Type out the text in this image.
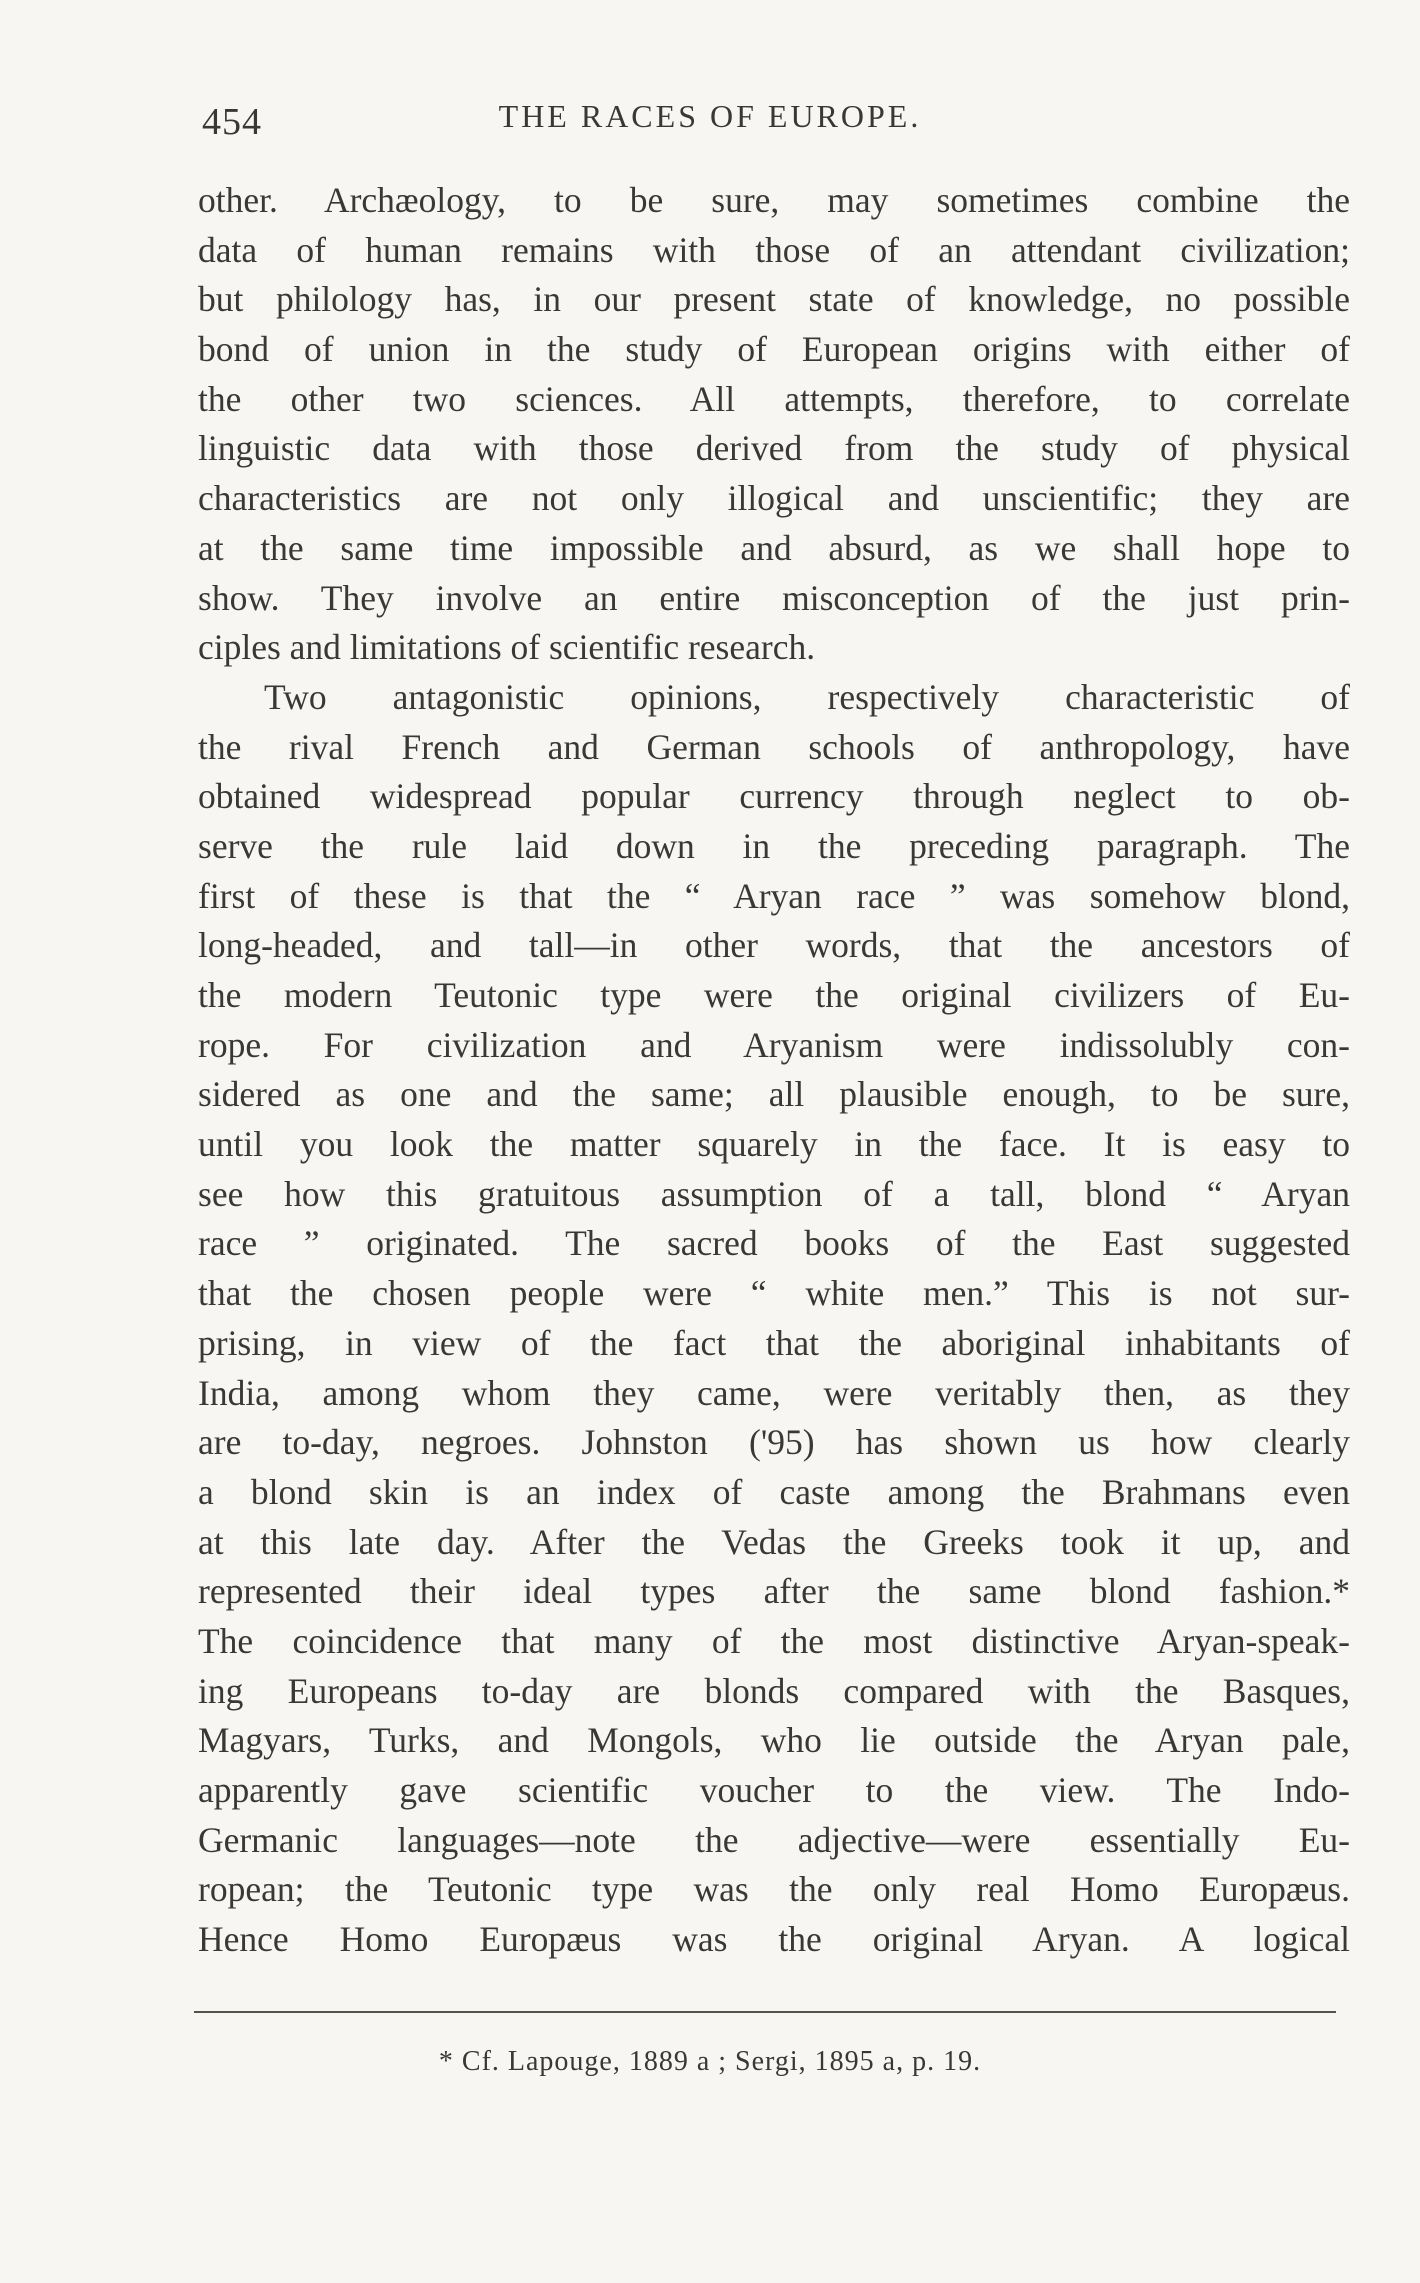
454	THE RACES OF EUROPE.
other. Archæology, to be sure, may sometimes combine the
data of human remains with those of an attendant civilization;
but philology has, in our present state of knowledge, no possible
bond of union in the study of European origins with either of
the other two sciences. All attempts, therefore, to correlate
linguistic data with those derived from the study of physical
characteristics are not only illogical and unscientific; they are
at the same time impossible and absurd, as we shall hope to
show. They involve an entire misconception of the just prin-
ciples and limitations of scientific research.
Two antagonistic opinions, respectively characteristic of
the rival French and German schools of anthropology, have
obtained widespread popular currency through neglect to ob-
serve the rule laid down in the preceding paragraph. The
first of these is that the “ Aryan race ” was somehow blond,
long-headed, and tall—in other words, that the ancestors of
the modern Teutonic type were the original civilizers of Eu-
rope. For civilization and Aryanism were indissolubly con-
sidered as one and the same; all plausible enough, to be sure,
until you look the matter squarely in the face. It is easy to
see how this gratuitous assumption of a tall, blond “ Aryan
race ” originated. The sacred books of the East suggested
that the chosen people were “ white men.” This is not sur-
prising, in view of the fact that the aboriginal inhabitants of
India, among whom they came, were veritably then, as they
are to-day, negroes. Johnston ('95) has shown us how clearly
a blond skin is an index of caste among the Brahmans even
at this late day. After the Vedas the Greeks took it up, and
represented their ideal types after the same blond fashion.*
The coincidence that many of the most distinctive Aryan-speak-
ing Europeans to-day are blonds compared with the Basques,
Magyars, Turks, and Mongols, who lie outside the Aryan pale,
apparently gave scientific voucher to the view. The Indo-
Germanic languages—note the adjective—were essentially Eu-
ropean; the Teutonic type was the only real Homo Europæus.
Hence Homo Europæus was the original Aryan. A logical
* Cf. Lapouge, 1889 a ; Sergi, 1895 a, p. 19.
